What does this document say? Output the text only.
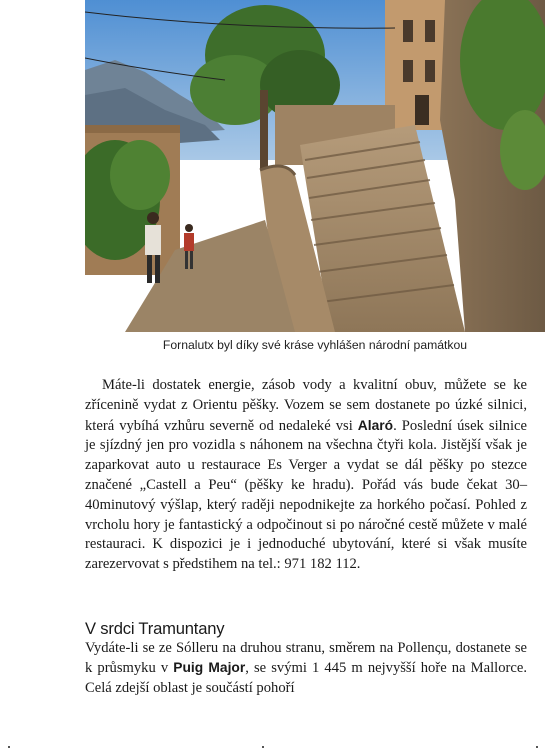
Fornalutx byl díky své kráse vyhlášen národní památkou

Máte-li dostatek energie, zásob vody a kvalitní obuv, můžete se ke zřícenině vydat z Orientu pěšky. Vozem se sem dostanete po úzké silnici, která vybíhá vzhůru severně od nedaleké vsi Alaró. Poslední úsek silnice je sjízdný jen pro vozidla s náhonem na všechna čtyři kola. Jistější však je zaparkovat auto u restaurace Es Verger a vydat se dál pěšky po stezce značené „Castell a Peu“ (pěšky ke hradu). Pořád vás bude čekat 30–40minutový výšlap, který raději nepodnikejte za horkého počasí. Pohled z vrcholu hory je fantastický a odpočinout si po náročné cestě můžete v malé restauraci. K dispozici je i jednoduché ubytování, které si však musíte zarezervovat s předstihem na tel.: 971 182 112.

V srdci Tramuntany

Vydáte-li se ze Sólleru na druhou stranu, směrem na Pollenςu, dostanete se k průsmyku v Puig Major, se svými 1 445 m nejvyšší hoře na Mallorce. Celá zdejší oblast je součástí pohoří
